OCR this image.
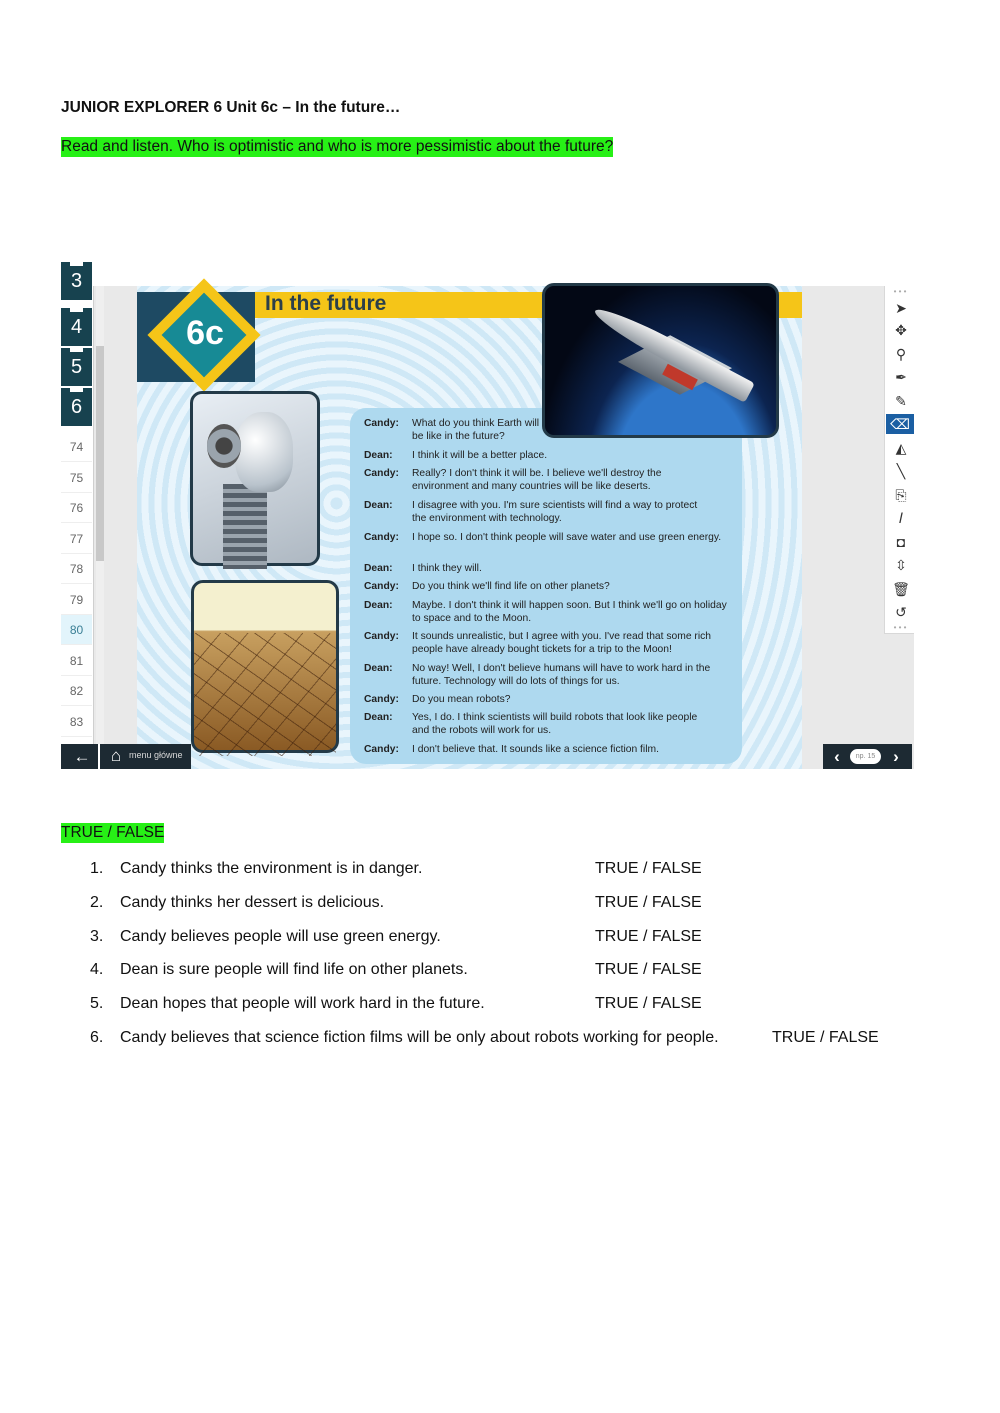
JUNIOR EXPLORER 6 Unit 6c – In the future…
Read and listen. Who is optimistic and who is more pessimistic about the future?
3
4
5
6
74
75
76
77
78
79
80
81
82
83
6c
In the future
Candy:	What do you think Earth will be like in the future?
Dean:	I think it will be a better place.
Candy:	Really? I don't think it will be. I believe we'll destroy the environment and many countries will be like deserts.
Dean:	I disagree with you. I'm sure scientists will find a way to protect the environment with technology.
Candy:	I hope so. I don't think people will save water and use green energy.
Dean:	I think they will.
Candy:	Do you think we'll find life on other planets?
Dean:	Maybe. I don't think it will happen soon. But I think we'll go on holiday to space and to the Moon.
Candy:	It sounds unrealistic, but I agree with you. I've read that some rich people have already bought tickets for a trip to the Moon!
Dean:	No way! Well, I don't believe humans will have to work hard in the future. Technology will do lots of things for us.
Candy:	Do you mean robots?
Dean:	Yes, I do. I think scientists will build robots that look like people and the robots will work for us.
Candy:	I don't believe that. It sounds like a science fiction film.
• • •
➤
✥
⚲
✒
✎
⌫
◭
╲
⎘
𝐼
◘
⇳
🗑
↺
• • •
←	⌂ menu główne	‹	np. 15	›
TRUE / FALSE
1.	Candy thinks the environment is in danger.	TRUE / FALSE
2.	Candy thinks her dessert is delicious.	TRUE / FALSE
3.	Candy believes people will use green energy.	TRUE / FALSE
4.	Dean is sure people will find life on other planets.	TRUE / FALSE
5.	Dean hopes that people will work hard in the future.	TRUE / FALSE
6.	Candy believes that science fiction films will be only about robots working for people.	TRUE / FALSE
